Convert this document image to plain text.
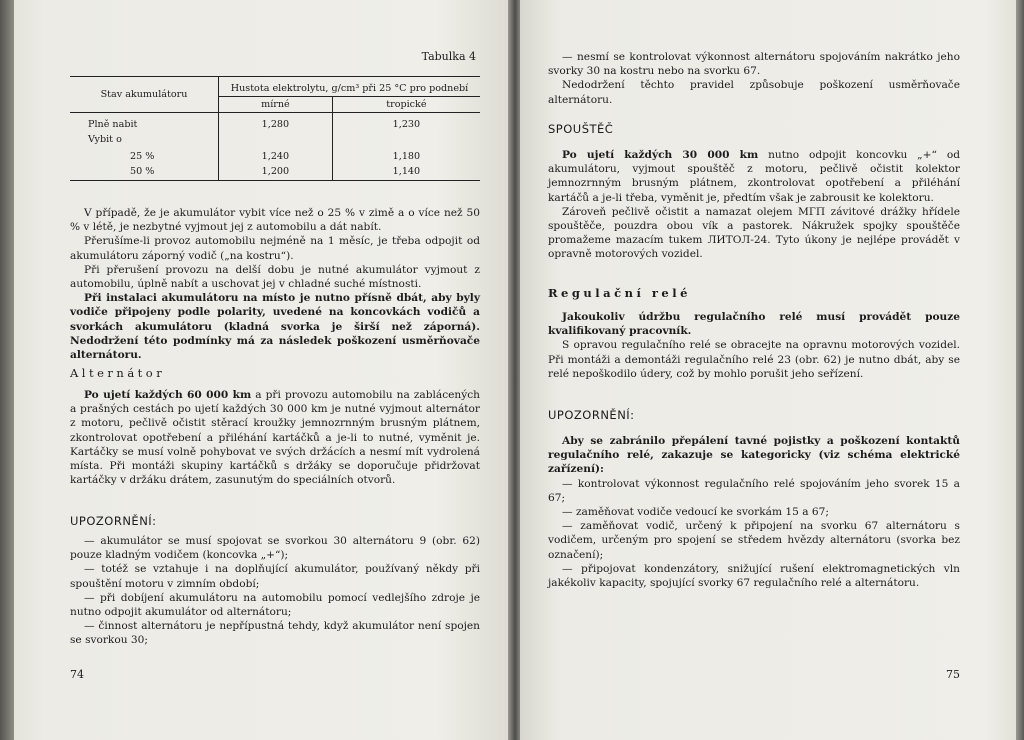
Tabulka 4
Stav akumulátoru	Hustota elektrolytu, g/cm³ při 25 °C pro podnebí	
	mírné	tropické
Plně nabit	1,280	1,230
Vybit o		
25 %	1,240	1,180
50 %	1,200	1,140

V případě, že je akumulátor vybit více než o 25 % v zimě a o více než 50 % v létě, je nezbytné vyjmout jej z automobilu a dát nabít.

Přerušíme-li provoz automobilu nejméně na 1 měsíc, je třeba odpojit od akumulátoru záporný vodič („na kostru“).

Při přerušení provozu na delší dobu je nutné akumulátor vyjmout z automobilu, úplně nabít a uschovat jej v chladné suché místnosti.

Při instalaci akumulátoru na místo je nutno přísně dbát, aby byly vodiče připojeny podle polarity, uvedené na koncovkách vodičů a svorkách akumulátoru (kladná svorka je širší než záporná). Nedodržení této podmínky má za následek poškození usměrňovače alternátoru.

Alternátor

Po ujetí každých 60 000 km a při provozu automobilu na zablácených a prašných cestách po ujetí každých 30 000 km je nutné vyjmout alternátor z motoru, pečlivě očistit stěrací kroužky jemnozrnným brusným plátnem, zkontrolovat opotřebení a přiléhání kartáčků a je-li to nutné, vyměnit je. Kartáčky se musí volně pohybovat ve svých držácích a nesmí mít vydrolená místa. Při montáži skupiny kartáčků s držáky se doporučuje přidržovat kartáčky v držáku drátem, zasunutým do speciálních otvorů.

UPOZORNĚNÍ:

— akumulátor se musí spojovat se svorkou 30 alternátoru 9 (obr. 62) pouze kladným vodičem (koncovka „+“);

— totéž se vztahuje i na doplňující akumulátor, používaný někdy při spouštění motoru v zimním období;

— při dobíjení akumulátoru na automobilu pomocí vedlejšího zdroje je nutno odpojit akumulátor od alternátoru;

— činnost alternátoru je nepřípustná tehdy, když akumulátor není spojen se svorkou 30;

74

— nesmí se kontrolovat výkonnost alternátoru spojováním nakrátko jeho svorky 30 na kostru nebo na svorku 67.

Nedodržení těchto pravidel způsobuje poškození usměrňovače alternátoru.

SPOUŠTĚČ

Po ujetí každých 30 000 km nutno odpojit koncovku „+“ od akumulátoru, vyjmout spouštěč z motoru, pečlivě očistit kolektor jemnozrnným brusným plátnem, zkontrolovat opotřebení a přiléhání kartáčů a je-li třeba, vyměnit je, předtím však je zabrousit ke kolektoru.

Zároveň pečlivě očistit a namazat olejem МГП závitové drážky hřídele spouštěče, pouzdra obou vík a pastorek. Nákružek spojky spouštěče promažeme mazacím tukem ЛИТОЛ-24. Tyto úkony je nejlépe provádět v opravně motorových vozidel.

Regulační relé

Jakoukoliv údržbu regulačního relé musí provádět pouze kvalifikovaný pracovník.

S opravou regulačního relé se obracejte na opravnu motorových vozidel. Při montáži a demontáži regulačního relé 23 (obr. 62) je nutno dbát, aby se relé nepoškodilo údery, což by mohlo porušit jeho seřízení.

UPOZORNĚNÍ:

Aby se zabránilo přepálení tavné pojistky a poškození kontaktů regulačního relé, zakazuje se kategoricky (viz schéma elektrické zařízení):

— kontrolovat výkonnost regulačního relé spojováním jeho svorek 15 a 67;

— zaměňovat vodiče vedoucí ke svorkám 15 a 67;

— zaměňovat vodič, určený k připojení na svorku 67 alternátoru s vodičem, určeným pro spojení se středem hvězdy alternátoru (svorka bez označení);

— připojovat kondenzátory, snižující rušení elektromagnetických vln jakékoliv kapacity, spojující svorky 67 regulačního relé a alternátoru.

75
